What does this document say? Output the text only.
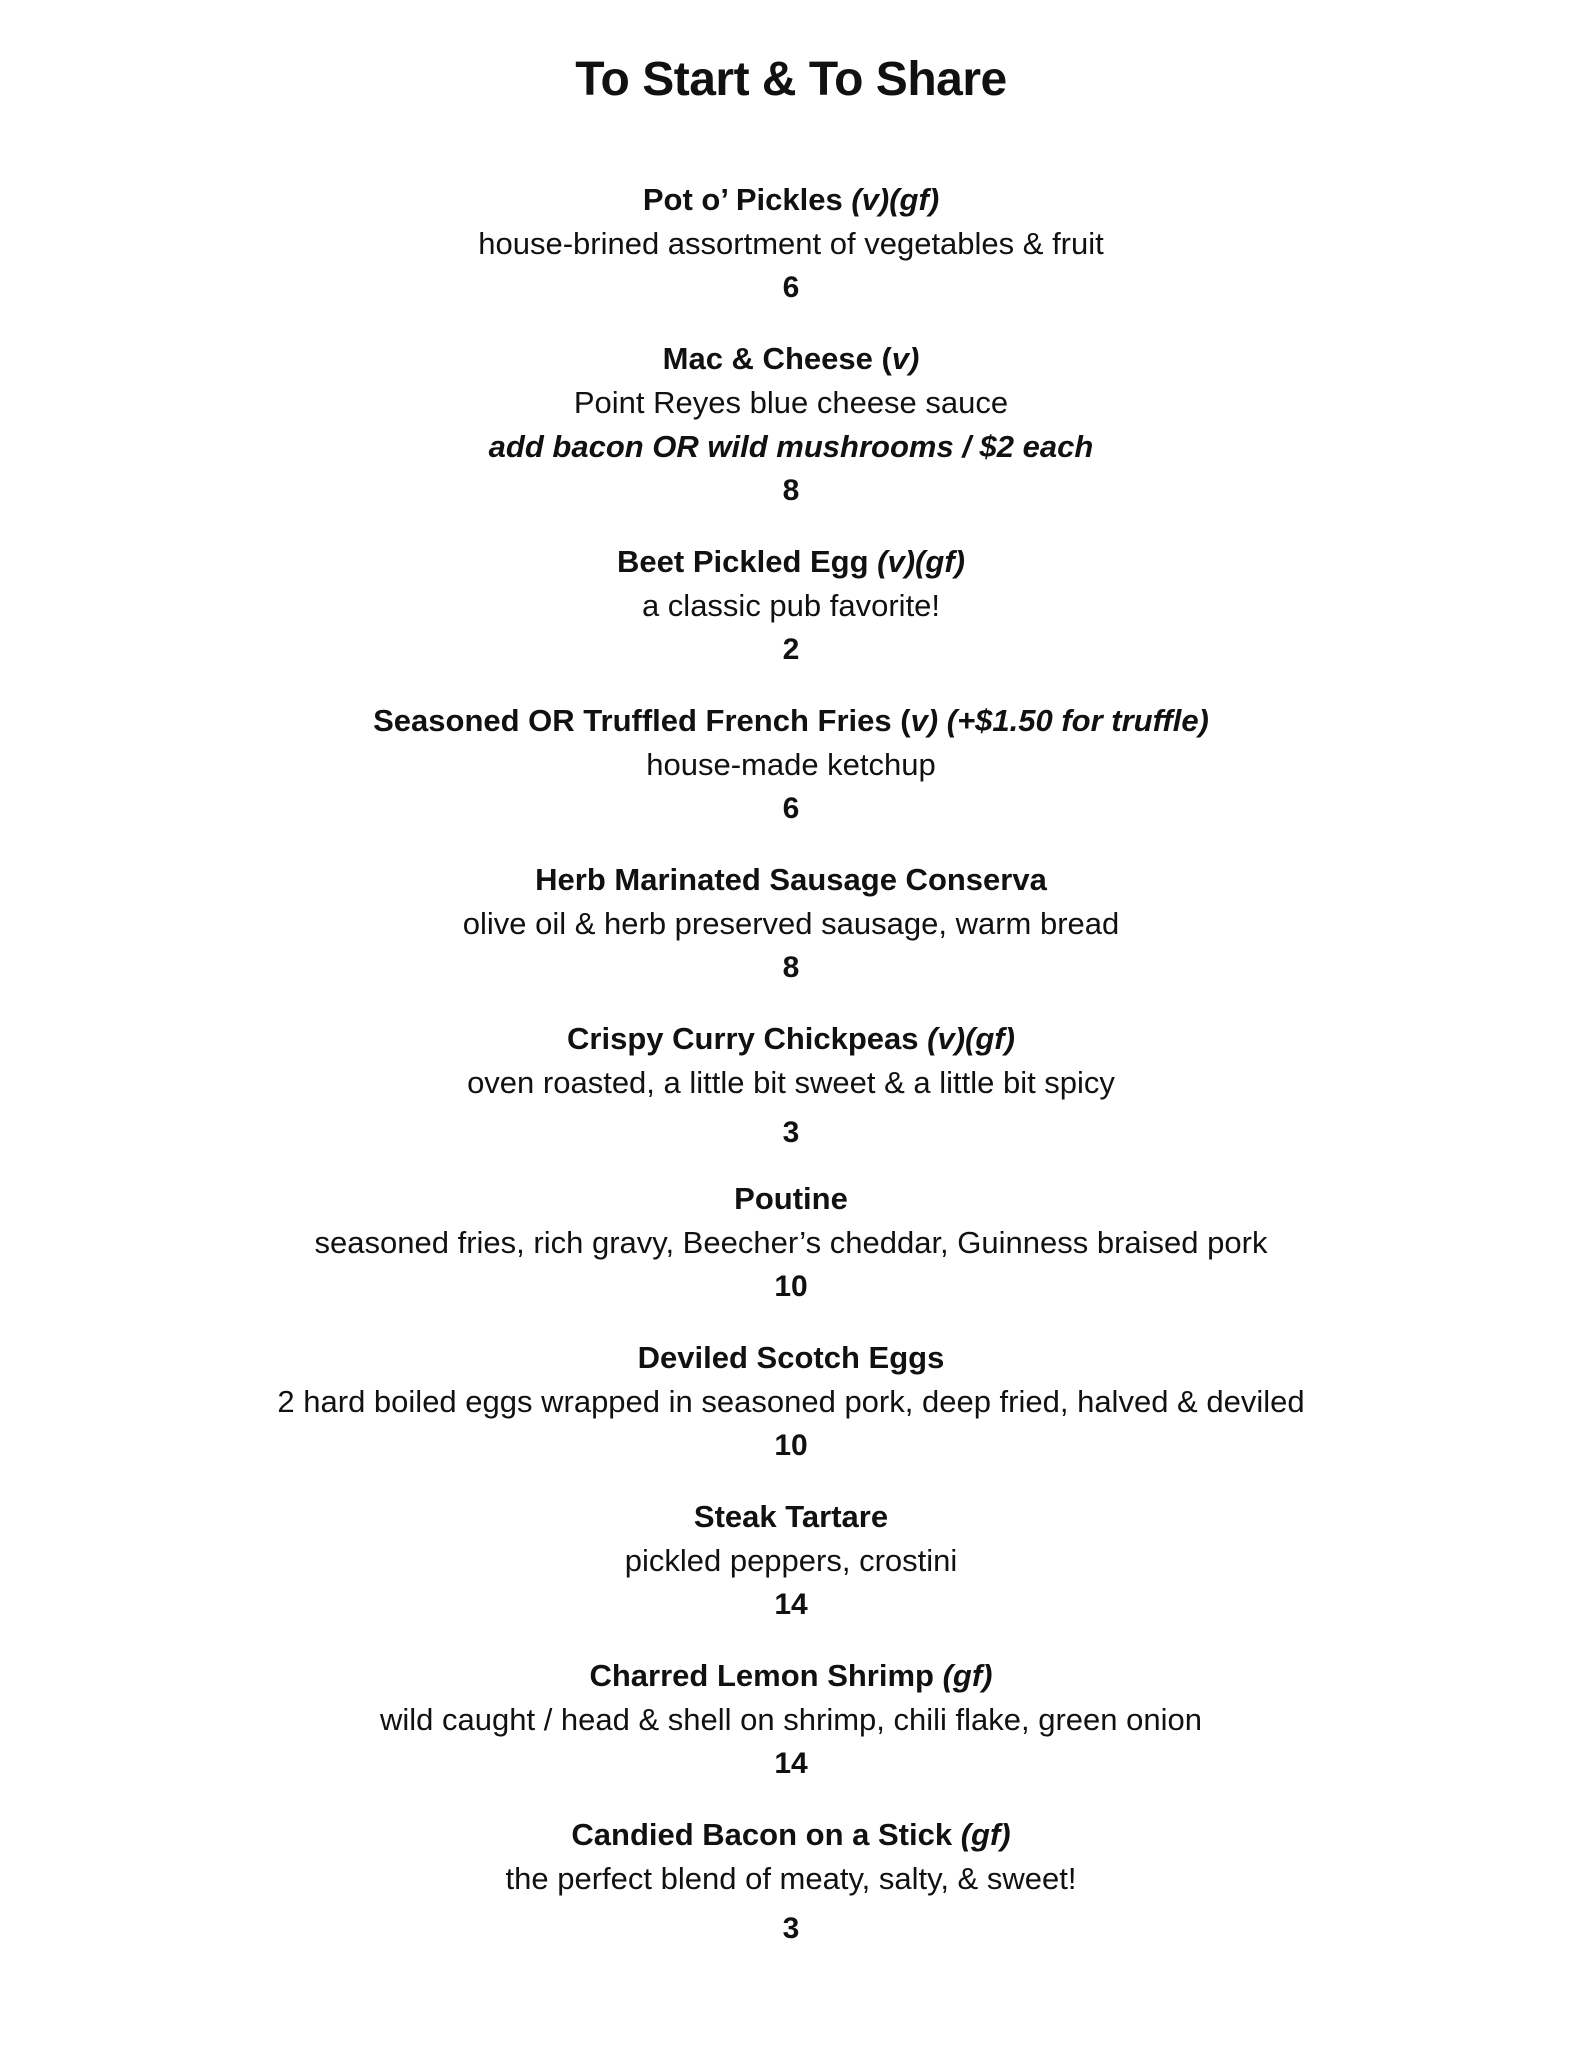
To Start & To Share
Pot o’ Pickles (v)(gf)
house-brined assortment of vegetables & fruit
6
Mac & Cheese (v)
Point Reyes blue cheese sauce
add bacon OR wild mushrooms / $2 each
8
Beet Pickled Egg (v)(gf)
a classic pub favorite!
2
Seasoned OR Truffled French Fries (v) (+$1.50 for truffle)
house-made ketchup
6
Herb Marinated Sausage Conserva
olive oil & herb preserved sausage, warm bread
8
Crispy Curry Chickpeas (v)(gf)
oven roasted, a little bit sweet & a little bit spicy
3
Poutine
seasoned fries, rich gravy, Beecher’s cheddar, Guinness braised pork
10
Deviled Scotch Eggs
2 hard boiled eggs wrapped in seasoned pork, deep fried, halved & deviled
10
Steak Tartare
pickled peppers, crostini
14
Charred Lemon Shrimp (gf)
wild caught / head & shell on shrimp, chili flake, green onion
14
Candied Bacon on a Stick (gf)
the perfect blend of meaty, salty, & sweet!
3
